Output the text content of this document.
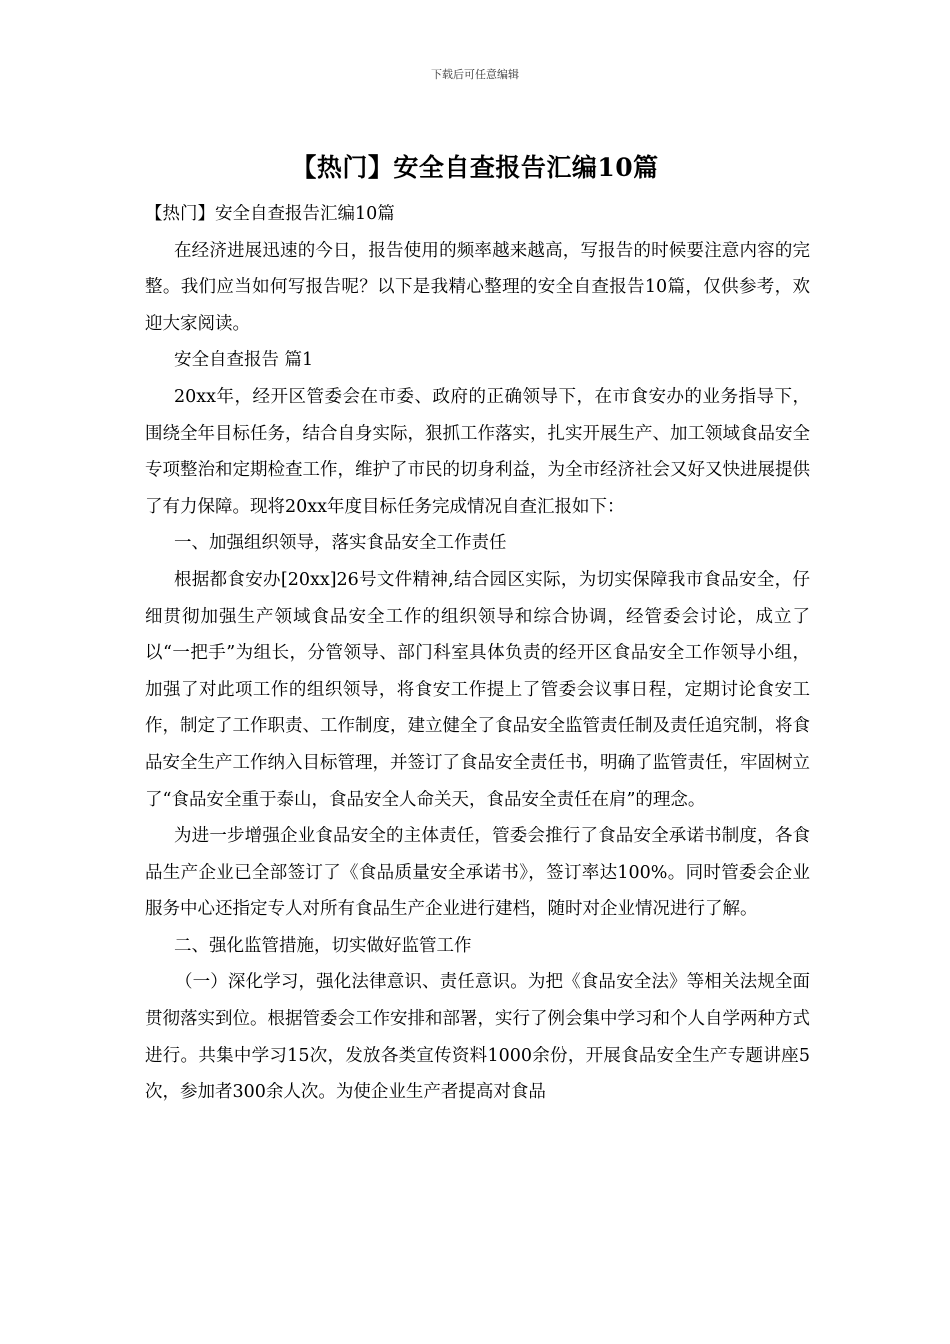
下载后可任意编辑
【热门】安全自查报告汇编10篇

【热门】安全自查报告汇编10篇

在经济进展迅速的今日，报告使用的频率越来越高，写报告的时候要注意内容的完整。我们应当如何写报告呢？以下是我精心整理的安全自查报告10篇，仅供参考，欢迎大家阅读。

安全自查报告 篇1

20xx年，经开区管委会在市委、政府的正确领导下，在市食安办的业务指导下，围绕全年目标任务，结合自身实际，狠抓工作落实，扎实开展生产、加工领域食品安全专项整治和定期检查工作，维护了市民的切身利益，为全市经济社会又好又快进展提供了有力保障。现将20xx年度目标任务完成情况自查汇报如下：

一、加强组织领导，落实食品安全工作责任

根据都食安办[20xx]26号文件精神,结合园区实际，为切实保障我市食品安全，仔细贯彻加强生产领域食品安全工作的组织领导和综合协调，经管委会讨论，成立了以“一把手”为组长，分管领导、部门科室具体负责的经开区食品安全工作领导小组，加强了对此项工作的组织领导，将食安工作提上了管委会议事日程，定期讨论食安工作，制定了工作职责、工作制度，建立健全了食品安全监管责任制及责任追究制，将食品安全生产工作纳入目标管理，并签订了食品安全责任书，明确了监管责任，牢固树立了“食品安全重于泰山，食品安全人命关天，食品安全责任在肩”的理念。

为进一步增强企业食品安全的主体责任，管委会推行了食品安全承诺书制度，各食品生产企业已全部签订了《食品质量安全承诺书》，签订率达100%。同时管委会企业服务中心还指定专人对所有食品生产企业进行建档，随时对企业情况进行了解。

二、强化监管措施，切实做好监管工作

（一）深化学习，强化法律意识、责任意识。为把《食品安全法》等相关法规全面贯彻落实到位。根据管委会工作安排和部署，实行了例会集中学习和个人自学两种方式进行。共集中学习15次，发放各类宣传资料1000余份，开展食品安全生产专题讲座5次，参加者300余人次。为使企业生产者提高对食品
